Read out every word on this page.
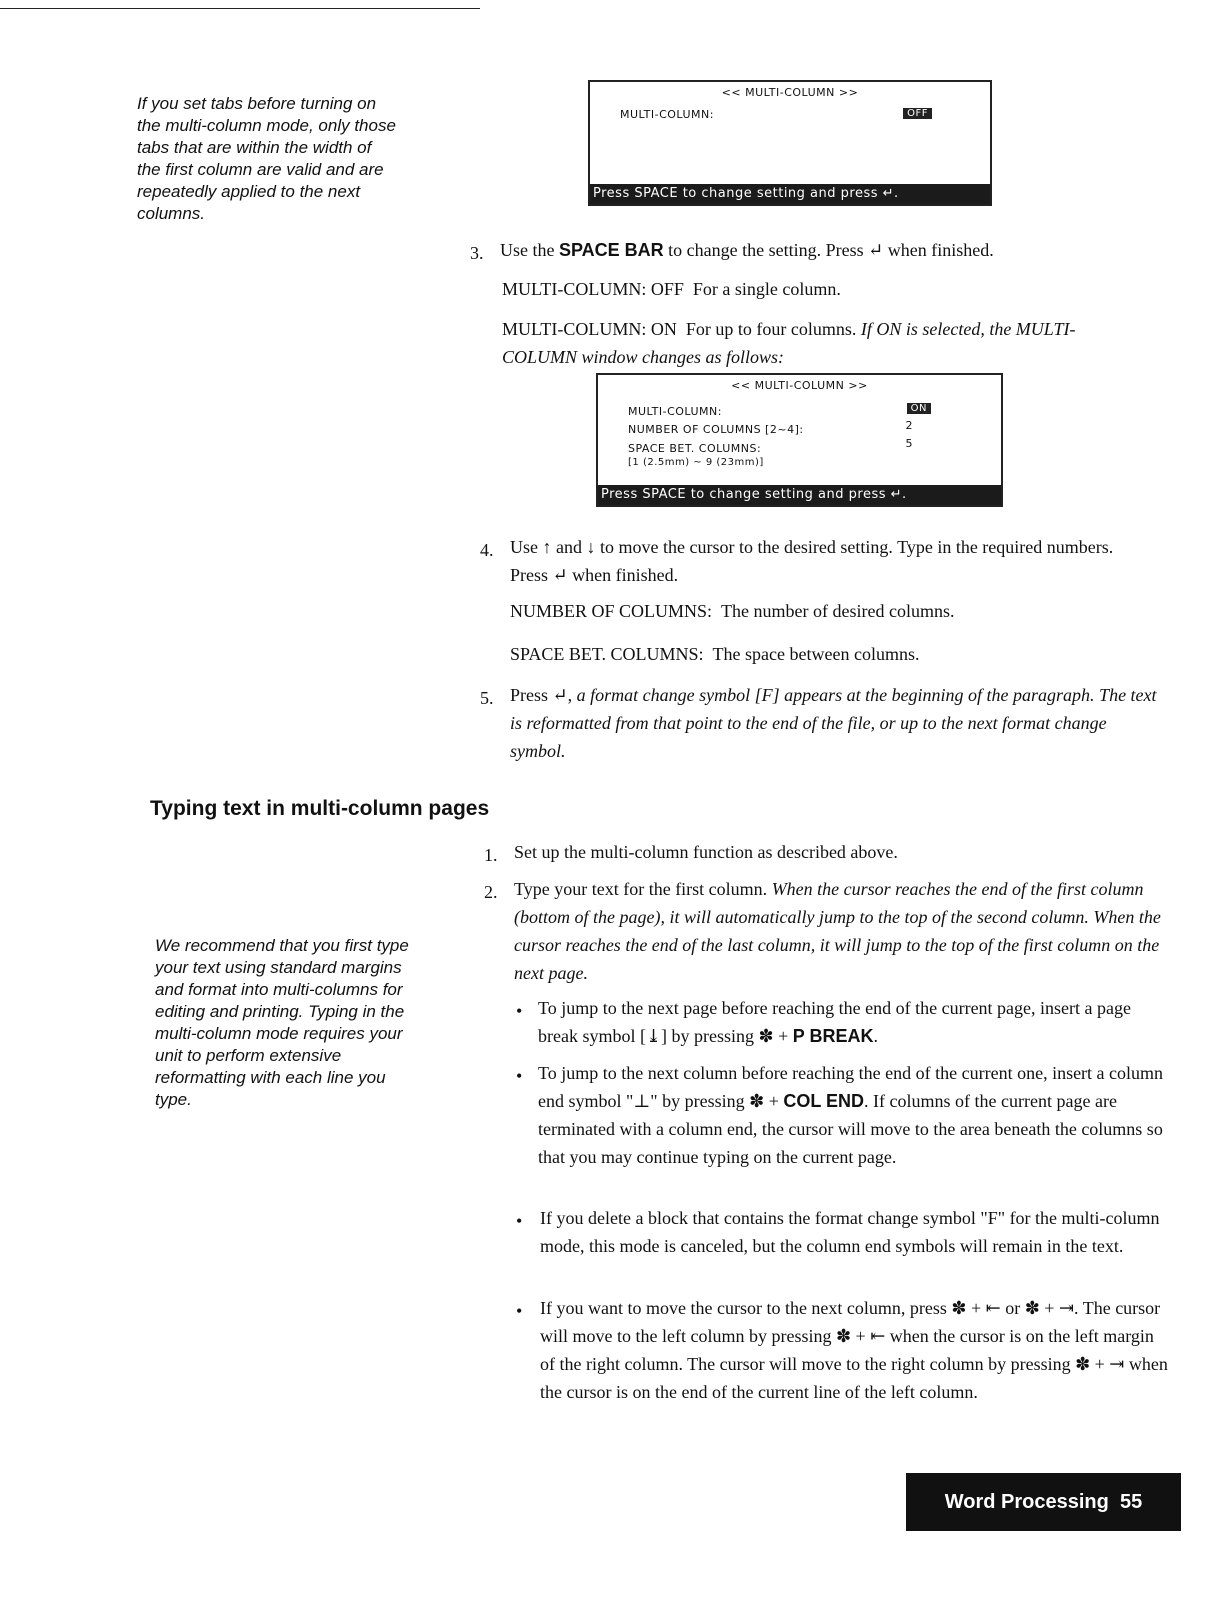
If you set tabs before turning on the multi-column mode, only those tabs that are within the width of the first column are valid and are repeatedly applied to the next columns.
<< MULTI-COLUMN >>
MULTI-COLUMN:	OFF
Press SPACE to change setting and press ↵.
3. Use the SPACE BAR to change the setting. Press ↵ when finished.
MULTI-COLUMN: OFF For a single column.
MULTI-COLUMN: ON For up to four columns. If ON is selected, the MULTI-COLUMN window changes as follows:
<< MULTI-COLUMN >>
MULTI-COLUMN:	ON
NUMBER OF COLUMNS [2~4]:	2
SPACE BET. COLUMNS:	5
[1 (2.5mm) ~ 9 (23mm)]
Press SPACE to change setting and press ↵.
4. Use ↑ and ↓ to move the cursor to the desired setting. Type in the required numbers. Press ↵ when finished.
NUMBER OF COLUMNS: The number of desired columns.
SPACE BET. COLUMNS: The space between columns.
5. Press ↵, a format change symbol [F] appears at the beginning of the paragraph. The text is reformatted from that point to the end of the file, or up to the next format change symbol.
Typing text in multi-column pages
We recommend that you first type your text using standard margins and format into multi-columns for editing and printing. Typing in the multi-column mode requires your unit to perform extensive reformatting with each line you type.
1. Set up the multi-column function as described above.
2. Type your text for the first column. When the cursor reaches the end of the first column (bottom of the page), it will automatically jump to the top of the second column. When the cursor reaches the end of the last column, it will jump to the top of the first column on the next page.
• To jump to the next page before reaching the end of the current page, insert a page break symbol [⤓] by pressing ✽ + P BREAK.
• To jump to the next column before reaching the end of the current one, insert a column end symbol "⊥" by pressing ✽ + COL END. If columns of the current page are terminated with a column end, the cursor will move to the area beneath the columns so that you may continue typing on the current page.
• If you delete a block that contains the format change symbol "F" for the multi-column mode, this mode is canceled, but the column end symbols will remain in the text.
• If you want to move the cursor to the next column, press ✽ + ⇤ or ✽ + ⇥. The cursor will move to the left column by pressing ✽ + ⇤ when the cursor is on the left margin of the right column. The cursor will move to the right column by pressing ✽ + ⇥ when the cursor is on the end of the current line of the left column.
Word Processing 55
